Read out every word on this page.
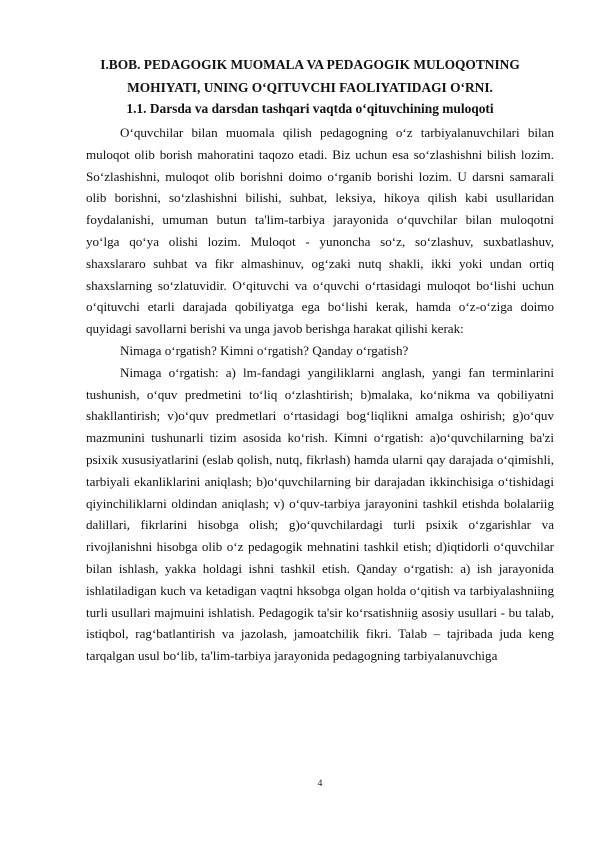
I.BOB. PEDAGOGIK MUOMALA VA PEDAGOGIK MULOQOTNING
MOHIYATI, UNING O‘QITUVCHI FAOLIYATIDAGI O‘RNI.
1.1. Darsda va darsdan tashqari vaqtda o‘qituvchining muloqoti

O‘quvchilar bilan muomala qilish pedagogning o‘z tarbiyalanuvchilari bilan muloqot olib borish mahoratini taqozo etadi. Biz uchun esa so‘zlashishni bilish lozim. So‘zlashishni, muloqot olib borishni doimo o‘rganib borishi lozim. U darsni samarali olib borishni, so‘zlashishni bilishi, suhbat, leksiya, hikoya qilish kabi usullaridan foydalanishi, umuman butun ta'lim-tarbiya jarayonida o‘quvchilar bilan muloqotni yo‘lga qo‘ya olishi lozim. Muloqot - yunoncha so‘z, so‘zlashuv, suxbatlashuv, shaxslararo suhbat va fikr almashinuv, og‘zaki nutq shakli, ikki yoki undan ortiq shaxslarning so‘zlatuvidir. O‘qituvchi va o‘quvchi o‘rtasidagi muloqot bo‘lishi uchun o‘qituvchi etarli darajada qobiliyatga ega bo‘lishi kerak, hamda o‘z-o‘ziga doimo quyidagi savollarni berishi va unga javob berishga harakat qilishi kerak:

Nimaga o‘rgatish? Kimni o‘rgatish? Qanday o‘rgatish?

Nimaga o‘rgatish: a) lm-fandagi yangiliklarni anglash, yangi fan terminlarini tushunish, o‘quv predmetini to‘liq o‘zlashtirish; b)malaka, ko‘nikma va qobiliyatni shakllantirish; v)o‘quv predmetlari o‘rtasidagi bog‘liqlikni amalga oshirish; g)o‘quv mazmunini tushunarli tizim asosida ko‘rish. Kimni o‘rgatish: a)o‘quvchilarning ba'zi psixik xususiyatlarini (eslab qolish, nutq, fikrlash) hamda ularni qay darajada o‘qimishli, tarbiyali ekanliklarini aniqlash; b)o‘quvchilarning bir darajadan ikkinchisiga o‘tishidagi qiyinchiliklarni oldindan aniqlash; v) o‘quv-tarbiya jarayonini tashkil etishda bolalariig dalillari, fikrlarini hisobga olish; g)o‘quvchilardagi turli psixik o‘zgarishlar va rivojlanishni hisobga olib o‘z pedagogik mehnatini tashkil etish; d)iqtidorli o‘quvchilar bilan ishlash, yakka holdagi ishni tashkil etish. Qanday o‘rgatish: a) ish jarayonida ishlatiladigan kuch va ketadigan vaqtni hksobga olgan holda o‘qitish va tarbiyalashniing turli usullari majmuini ishlatish. Pedagogik ta'sir ko‘rsatishniig asosiy usullari - bu talab, istiqbol, rag‘batlantirish va jazolash, jamoatchilik fikri. Talab – tajribada juda keng tarqalgan usul bo‘lib, ta'lim-tarbiya jarayonida pedagogning tarbiyalanuvchiga

4
